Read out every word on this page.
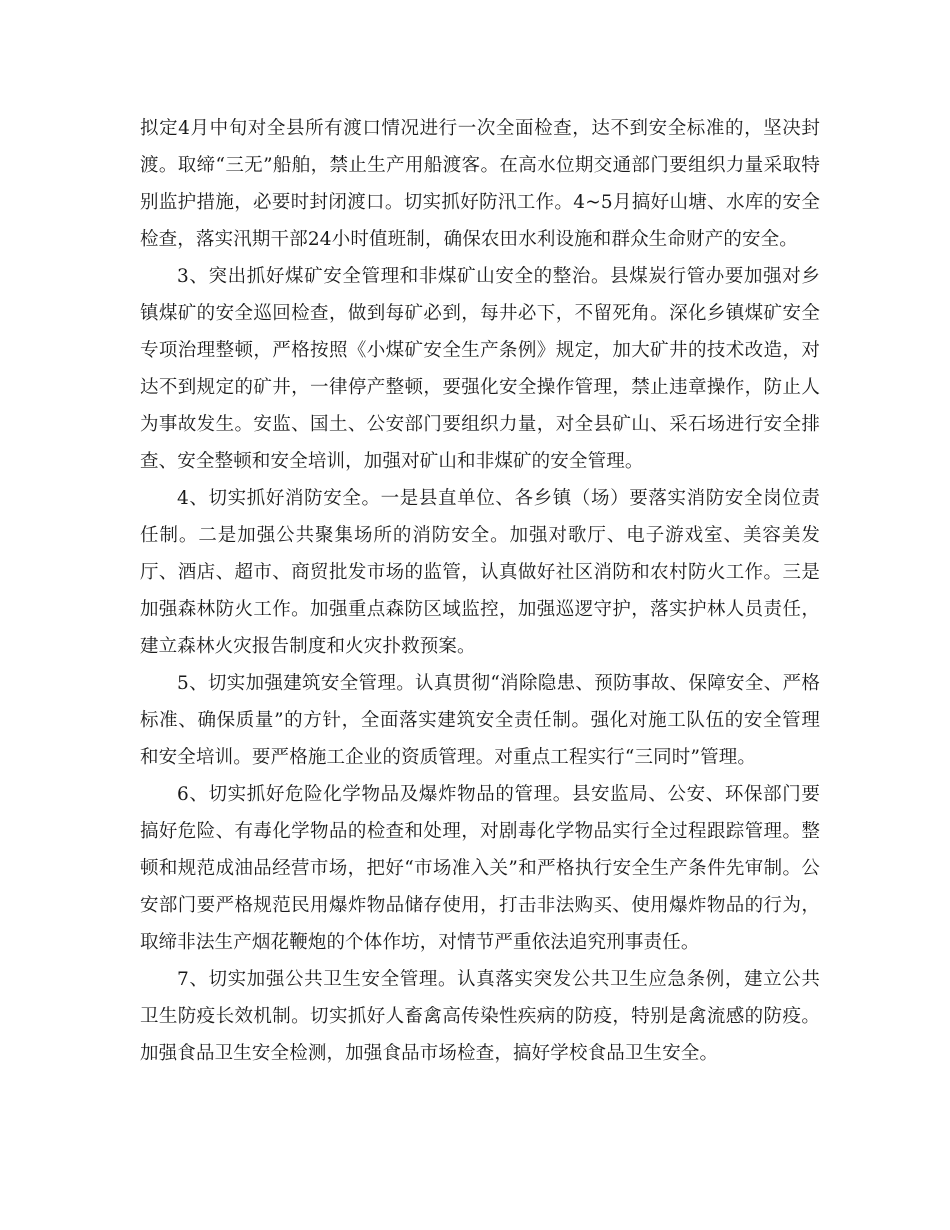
拟定4月中旬对全县所有渡口情况进行一次全面检查，达不到安全标准的，坚决封渡。取缔“三无”船舶，禁止生产用船渡客。在高水位期交通部门要组织力量采取特别监护措施，必要时封闭渡口。切实抓好防汛工作。4~5月搞好山塘、水库的安全检查，落实汛期干部24小时值班制，确保农田水利设施和群众生命财产的安全。

3、突出抓好煤矿安全管理和非煤矿山安全的整治。县煤炭行管办要加强对乡镇煤矿的安全巡回检查，做到每矿必到，每井必下，不留死角。深化乡镇煤矿安全专项治理整顿，严格按照《小煤矿安全生产条例》规定，加大矿井的技术改造，对达不到规定的矿井，一律停产整顿，要强化安全操作管理，禁止违章操作，防止人为事故发生。安监、国土、公安部门要组织力量，对全县矿山、采石场进行安全排查、安全整顿和安全培训，加强对矿山和非煤矿的安全管理。

4、切实抓好消防安全。一是县直单位、各乡镇（场）要落实消防安全岗位责任制。二是加强公共聚集场所的消防安全。加强对歌厅、电子游戏室、美容美发厅、酒店、超市、商贸批发市场的监管，认真做好社区消防和农村防火工作。三是加强森林防火工作。加强重点森防区域监控，加强巡逻守护，落实护林人员责任，建立森林火灾报告制度和火灾扑救预案。

5、切实加强建筑安全管理。认真贯彻“消除隐患、预防事故、保障安全、严格标准、确保质量”的方针，全面落实建筑安全责任制。强化对施工队伍的安全管理和安全培训。要严格施工企业的资质管理。对重点工程实行“三同时”管理。

6、切实抓好危险化学物品及爆炸物品的管理。县安监局、公安、环保部门要搞好危险、有毒化学物品的检查和处理，对剧毒化学物品实行全过程跟踪管理。整顿和规范成油品经营市场，把好“市场准入关”和严格执行安全生产条件先审制。公安部门要严格规范民用爆炸物品储存使用，打击非法购买、使用爆炸物品的行为，取缔非法生产烟花鞭炮的个体作坊，对情节严重依法追究刑事责任。

7、切实加强公共卫生安全管理。认真落实突发公共卫生应急条例，建立公共卫生防疫长效机制。切实抓好人畜禽高传染性疾病的防疫，特别是禽流感的防疫。加强食品卫生安全检测，加强食品市场检查，搞好学校食品卫生安全。
